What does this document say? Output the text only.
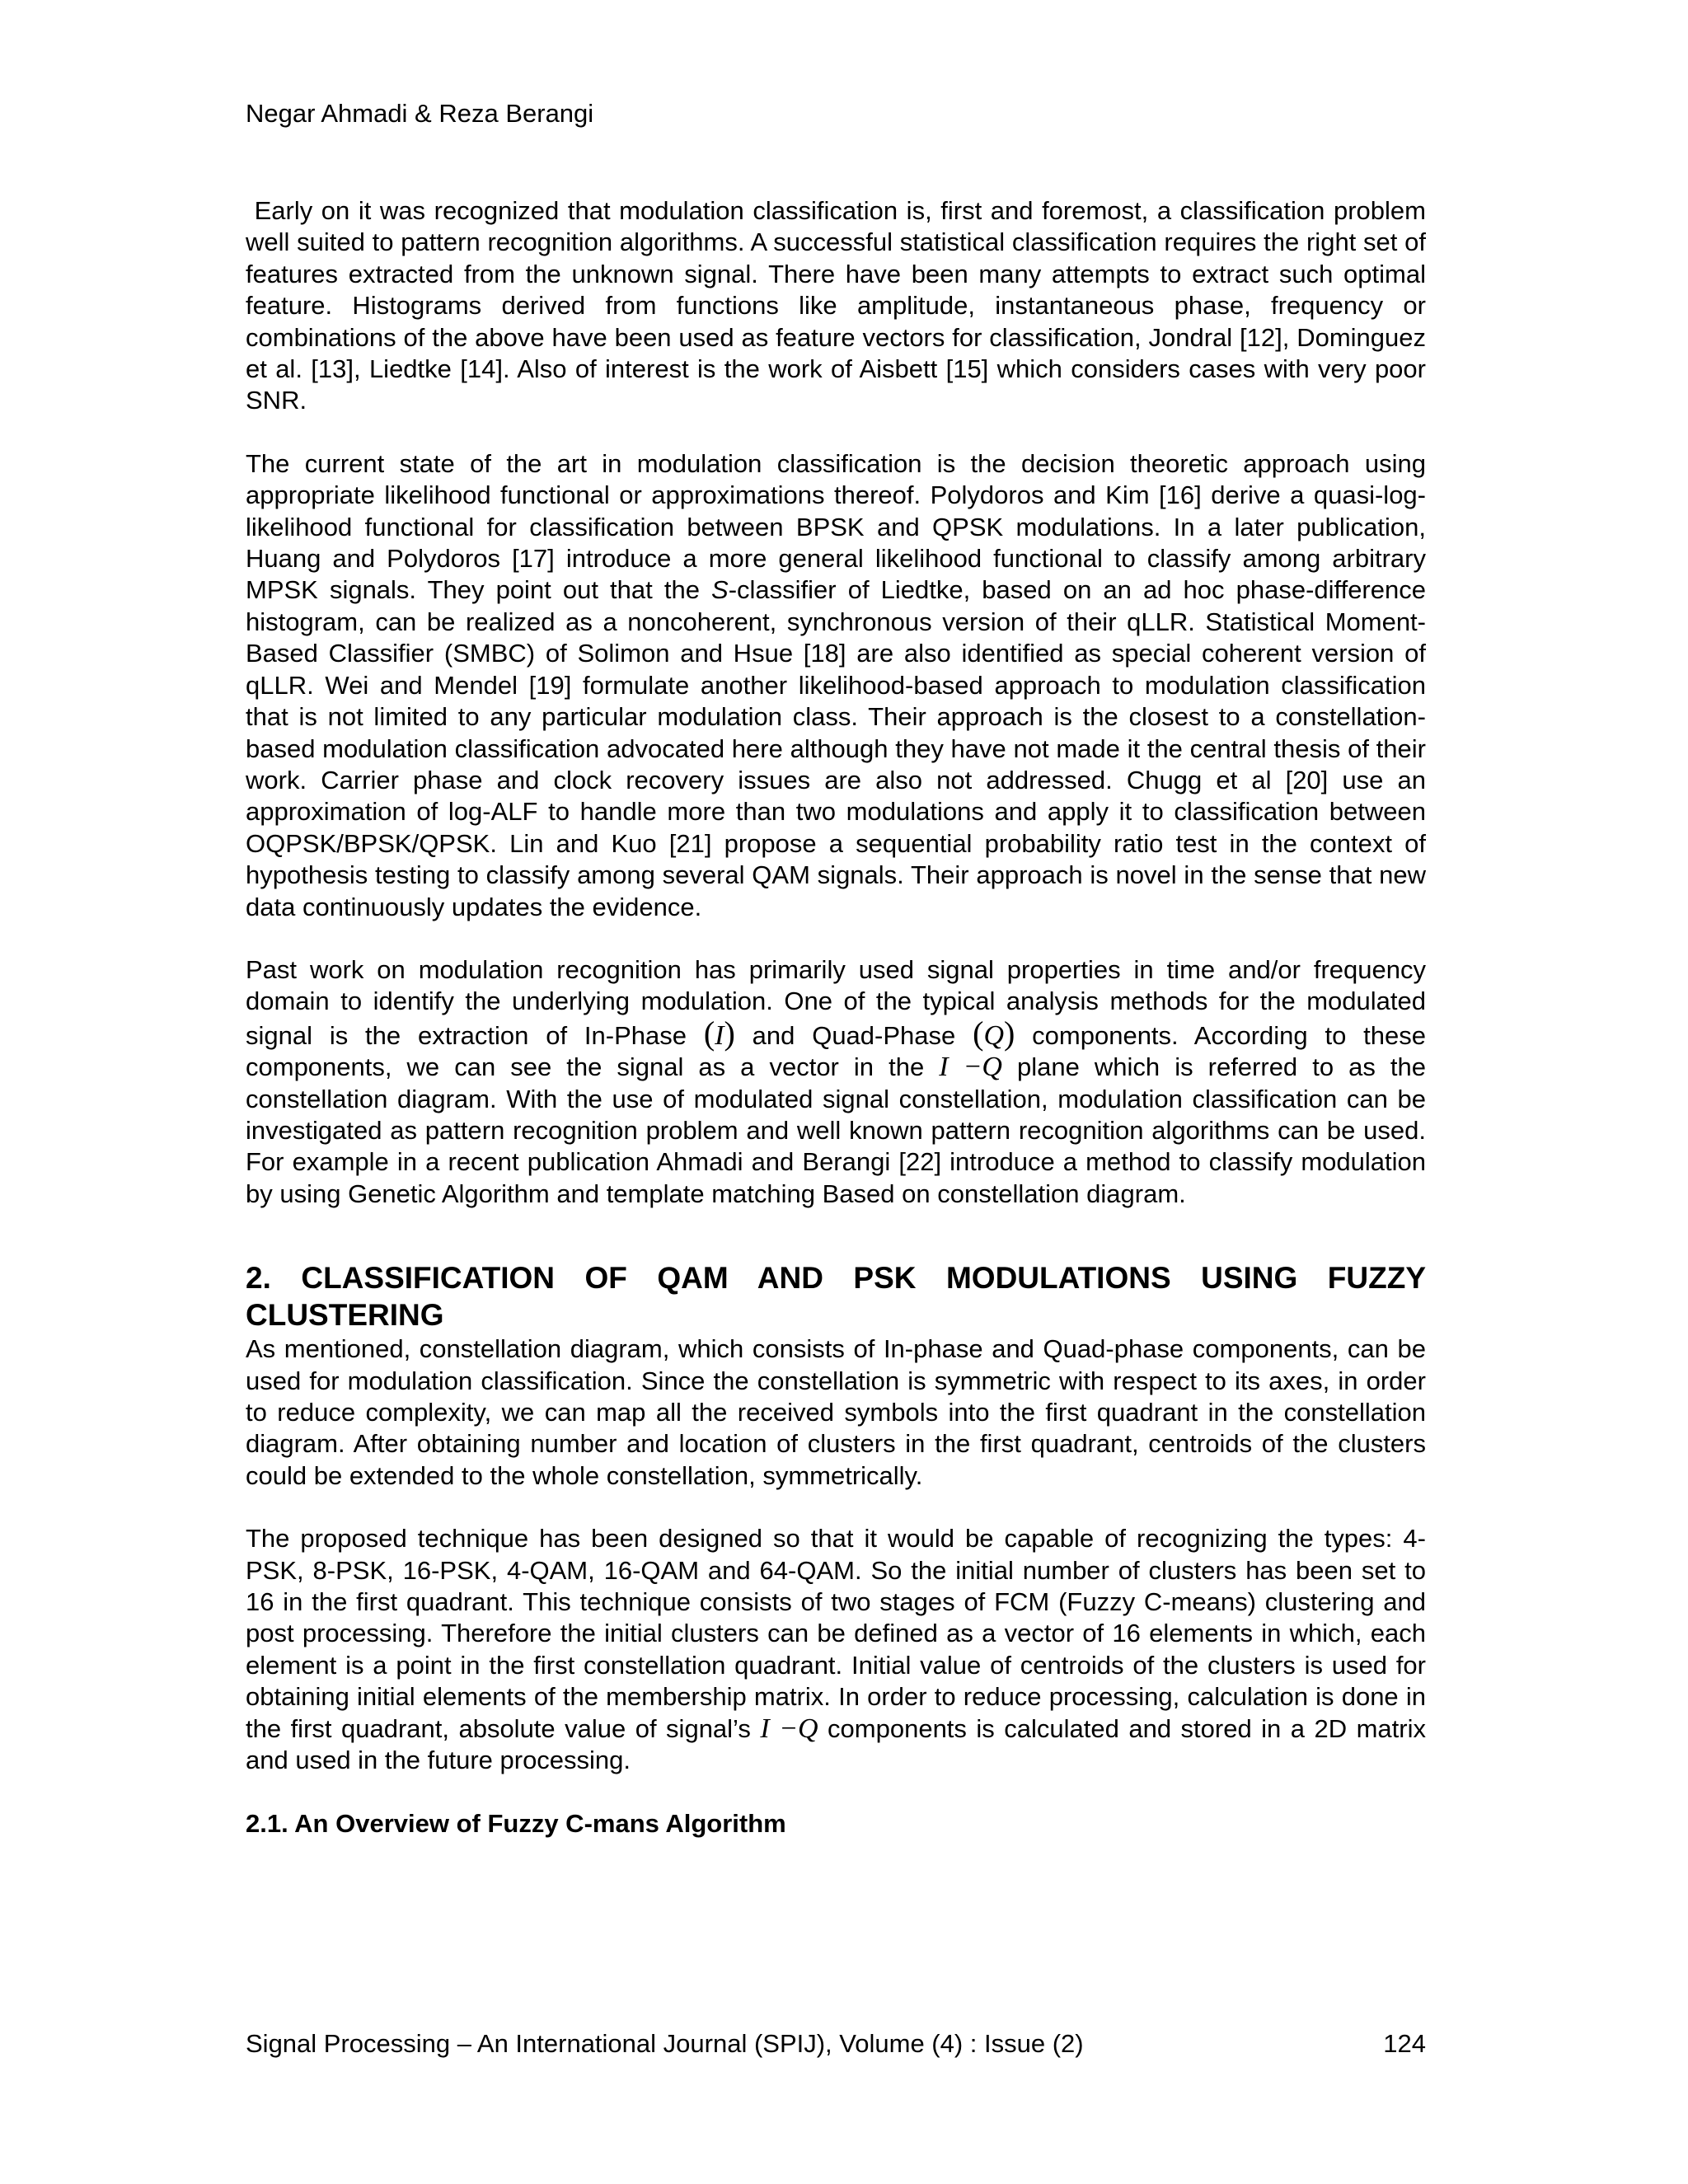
Negar Ahmadi & Reza Berangi

Early on it was recognized that modulation classification is, first and foremost, a classification problem well suited to pattern recognition algorithms. A successful statistical classification requires the right set of features extracted from the unknown signal. There have been many attempts to extract such optimal feature. Histograms derived from functions like amplitude, instantaneous phase, frequency or combinations of the above have been used as feature vectors for classification, Jondral [12], Dominguez et al. [13], Liedtke [14]. Also of interest is the work of Aisbett [15] which considers cases with very poor SNR.

The current state of the art in modulation classification is the decision theoretic approach using appropriate likelihood functional or approximations thereof. Polydoros and Kim [16] derive a quasi-log-likelihood functional for classification between BPSK and QPSK modulations. In a later publication, Huang and Polydoros [17] introduce a more general likelihood functional to classify among arbitrary MPSK signals. They point out that the S-classifier of Liedtke, based on an ad hoc phase-difference histogram, can be realized as a noncoherent, synchronous version of their qLLR. Statistical Moment-Based Classifier (SMBC) of Solimon and Hsue [18] are also identified as special coherent version of qLLR. Wei and Mendel [19] formulate another likelihood-based approach to modulation classification that is not limited to any particular modulation class. Their approach is the closest to a constellation-based modulation classification advocated here although they have not made it the central thesis of their work. Carrier phase and clock recovery issues are also not addressed. Chugg et al [20] use an approximation of log-ALF to handle more than two modulations and apply it to classification between OQPSK/BPSK/QPSK. Lin and Kuo [21] propose a sequential probability ratio test in the context of hypothesis testing to classify among several QAM signals. Their approach is novel in the sense that new data continuously updates the evidence.

Past work on modulation recognition has primarily used signal properties in time and/or frequency domain to identify the underlying modulation. One of the typical analysis methods for the modulated signal is the extraction of In-Phase (I) and Quad-Phase (Q) components. According to these components, we can see the signal as a vector in the I −Q plane which is referred to as the constellation diagram. With the use of modulated signal constellation, modulation classification can be investigated as pattern recognition problem and well known pattern recognition algorithms can be used. For example in a recent publication Ahmadi and Berangi [22] introduce a method to classify modulation by using Genetic Algorithm and template matching Based on constellation diagram.

2. CLASSIFICATION OF QAM AND PSK MODULATIONS USING FUZZY CLUSTERING

As mentioned, constellation diagram, which consists of In-phase and Quad-phase components, can be used for modulation classification. Since the constellation is symmetric with respect to its axes, in order to reduce complexity, we can map all the received symbols into the first quadrant in the constellation diagram. After obtaining number and location of clusters in the first quadrant, centroids of the clusters could be extended to the whole constellation, symmetrically.

The proposed technique has been designed so that it would be capable of recognizing the types: 4-PSK, 8-PSK, 16-PSK, 4-QAM, 16-QAM and 64-QAM. So the initial number of clusters has been set to 16 in the first quadrant. This technique consists of two stages of FCM (Fuzzy C-means) clustering and post processing. Therefore the initial clusters can be defined as a vector of 16 elements in which, each element is a point in the first constellation quadrant. Initial value of centroids of the clusters is used for obtaining initial elements of the membership matrix. In order to reduce processing, calculation is done in the first quadrant, absolute value of signal’s I −Q components is calculated and stored in a 2D matrix and used in the future processing.

2.1. An Overview of Fuzzy C-mans Algorithm
Signal Processing – An International Journal (SPIJ), Volume (4) : Issue (2)	124
